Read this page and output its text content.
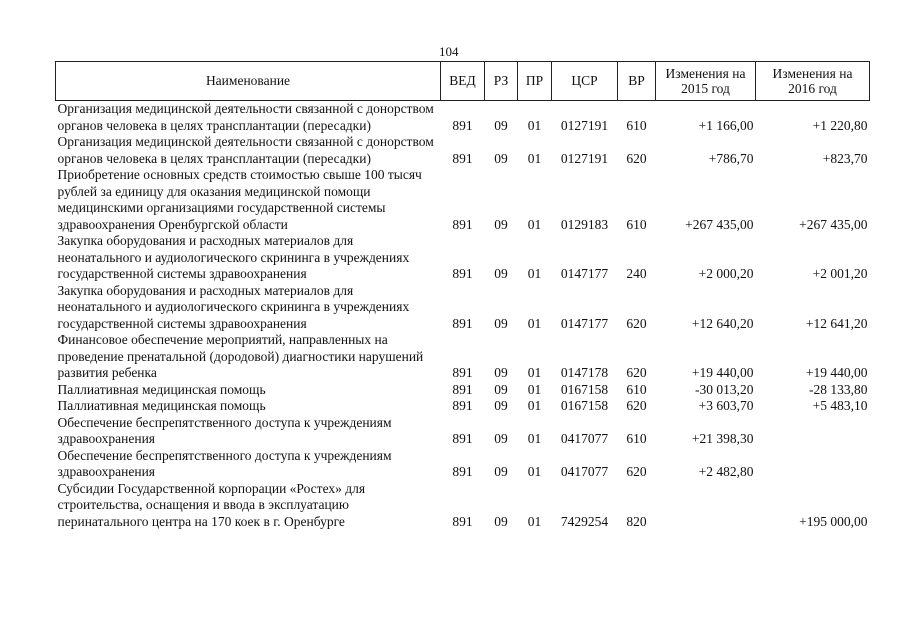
104
Наименование	ВЕД	РЗ	ПР	ЦСР	ВР	Изменения на 2015 год	Изменения на 2016 год
Организация медицинской деятельности связанной с донорством органов человека в целях трансплантации (пересадки)	891	09	01	0127191	610	+1 166,00	+1 220,80
Организация медицинской деятельности связанной с донорством органов человека в целях трансплантации (пересадки)	891	09	01	0127191	620	+786,70	+823,70
Приобретение основных средств стоимостью свыше 100 тысяч рублей за единицу для оказания медицинской помощи медицинскими организациями государственной системы здравоохранения Оренбургской области	891	09	01	0129183	610	+267 435,00	+267 435,00
Закупка оборудования и расходных материалов для неонатального и аудиологического скрининга в учреждениях государственной системы здравоохранения	891	09	01	0147177	240	+2 000,20	+2 001,20
Закупка оборудования и расходных материалов для неонатального и аудиологического скрининга в учреждениях государственной системы здравоохранения	891	09	01	0147177	620	+12 640,20	+12 641,20
Финансовое обеспечение мероприятий, направленных на проведение пренатальной (дородовой) диагностики нарушений развития ребенка	891	09	01	0147178	620	+19 440,00	+19 440,00
Паллиативная медицинская помощь	891	09	01	0167158	610	-30 013,20	-28 133,80
Паллиативная медицинская помощь	891	09	01	0167158	620	+3 603,70	+5 483,10
Обеспечение беспрепятственного доступа к учреждениям здравоохранения	891	09	01	0417077	610	+21 398,30	
Обеспечение беспрепятственного доступа к учреждениям здравоохранения	891	09	01	0417077	620	+2 482,80	
Субсидии Государственной корпорации «Ростех» для строительства, оснащения и ввода в эксплуатацию перинатального центра на 170 коек в г. Оренбурге	891	09	01	7429254	820		+195 000,00
